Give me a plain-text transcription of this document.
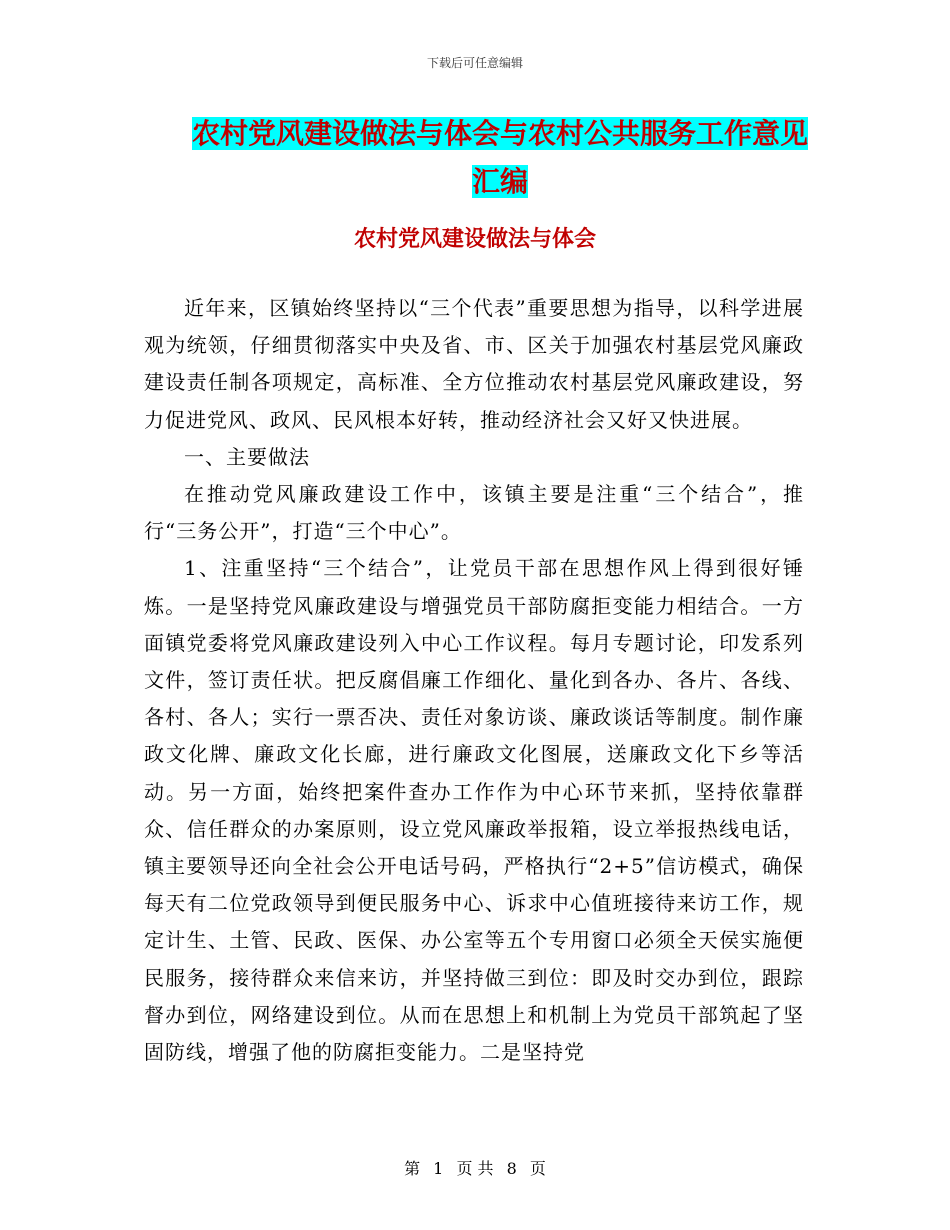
下载后可任意编辑
农村党风建设做法与体会与农村公共服务工作意见汇编
农村党风建设做法与体会

近年来，区镇始终坚持以“三个代表”重要思想为指导，以科学进展观为统领，仔细贯彻落实中央及省、市、区关于加强农村基层党风廉政建设责任制各项规定，高标准、全方位推动农村基层党风廉政建设，努力促进党风、政风、民风根本好转，推动经济社会又好又快进展。

一、主要做法

在推动党风廉政建设工作中，该镇主要是注重“三个结合”，推行“三务公开”，打造“三个中心”。

1、注重坚持“三个结合”，让党员干部在思想作风上得到很好锤炼。一是坚持党风廉政建设与增强党员干部防腐拒变能力相结合。一方面镇党委将党风廉政建设列入中心工作议程。每月专题讨论，印发系列文件，签订责任状。把反腐倡廉工作细化、量化到各办、各片、各线、各村、各人；实行一票否决、责任对象访谈、廉政谈话等制度。制作廉政文化牌、廉政文化长廊，进行廉政文化图展，送廉政文化下乡等活动。另一方面，始终把案件查办工作作为中心环节来抓，坚持依靠群众、信任群众的办案原则，设立党风廉政举报箱，设立举报热线电话，镇主要领导还向全社会公开电话号码，严格执行“2+5”信访模式，确保每天有二位党政领导到便民服务中心、诉求中心值班接待来访工作，规定计生、土管、民政、医保、办公室等五个专用窗口必须全天侯实施便民服务，接待群众来信来访，并坚持做三到位：即及时交办到位，跟踪督办到位，网络建设到位。从而在思想上和机制上为党员干部筑起了坚固防线，增强了他的防腐拒变能力。二是坚持党

第 1 页 共 8 页
